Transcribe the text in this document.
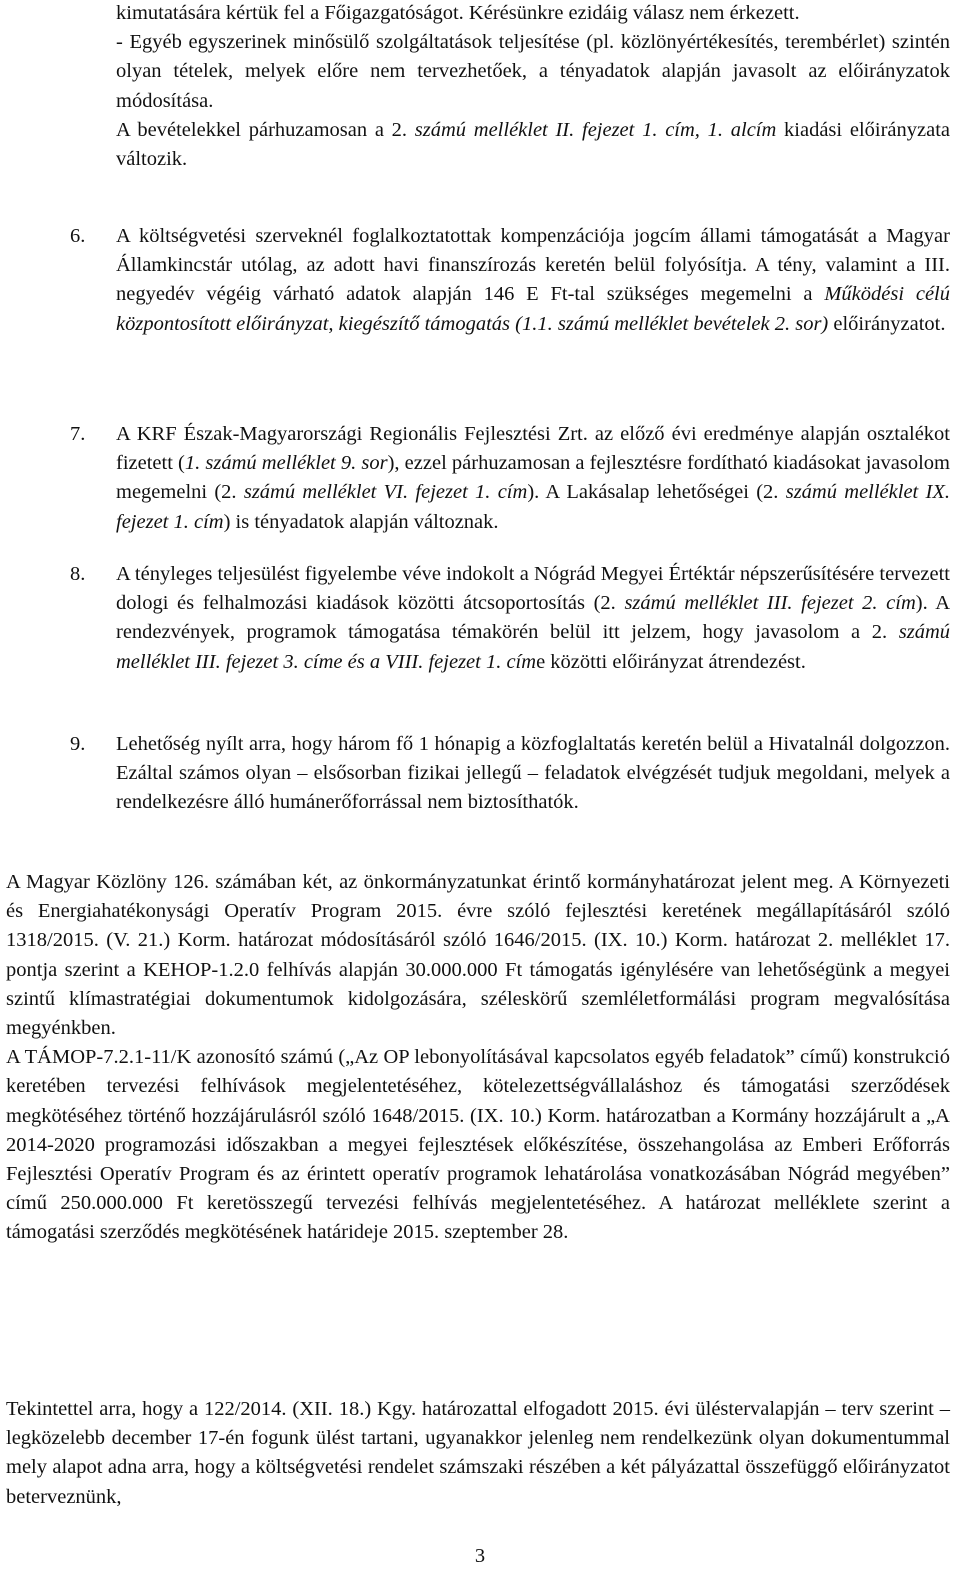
kimutatására kértük fel a Főigazgatóságot. Kérésünkre ezidáig válasz nem érkezett.

- Egyéb egyszerinek minősülő szolgáltatások teljesítése (pl. közlönyértékesítés, terembérlet) szintén olyan tételek, melyek előre nem tervezhetőek, a tényadatok alapján javasolt az előirányzatok módosítása.

A bevételekkel párhuzamosan a 2. számú melléklet II. fejezet 1. cím, 1. alcím kiadási előirányzata változik.

6. A költségvetési szerveknél foglalkoztatottak kompenzációja jogcím állami támogatását a Magyar Államkincstár utólag, az adott havi finanszírozás keretén belül folyósítja. A tény, valamint a III. negyedév végéig várható adatok alapján 146 E Ft-tal szükséges megemelni a Működési célú központosított előirányzat, kiegészítő támogatás (1.1. számú melléklet bevételek 2. sor) előirányzatot.

7. A KRF Észak-Magyarországi Regionális Fejlesztési Zrt. az előző évi eredménye alapján osztalékot fizetett (1. számú melléklet 9. sor), ezzel párhuzamosan a fejlesztésre fordítható kiadásokat javasolom megemelni (2. számú melléklet VI. fejezet 1. cím). A Lakásalap lehetőségei (2. számú melléklet IX. fejezet 1. cím) is tényadatok alapján változnak.

8. A tényleges teljesülést figyelembe véve indokolt a Nógrád Megyei Értéktár népszerűsítésére tervezett dologi és felhalmozási kiadások közötti átcsoportosítás (2. számú melléklet III. fejezet 2. cím). A rendezvények, programok támogatása témakörén belül itt jelzem, hogy javasolom a 2. számú melléklet III. fejezet 3. címe és a VIII. fejezet 1. címe közötti előirányzat átrendezést.

9. Lehetőség nyílt arra, hogy három fő 1 hónapig a közfoglaltatás keretén belül a Hivatalnál dolgozzon. Ezáltal számos olyan – elsősorban fizikai jellegű – feladatok elvégzését tudjuk megoldani, melyek a rendelkezésre álló humánerőforrással nem biztosíthatók.

A Magyar Közlöny 126. számában két, az önkormányzatunkat érintő kormányhatározat jelent meg. A Környezeti és Energiahatékonysági Operatív Program 2015. évre szóló fejlesztési keretének megállapításáról szóló 1318/2015. (V. 21.) Korm. határozat módosításáról szóló 1646/2015. (IX. 10.) Korm. határozat 2. melléklet 17. pontja szerint a KEHOP-1.2.0 felhívás alapján 30.000.000 Ft támogatás igénylésére van lehetőségünk a megyei szintű klímastratégiai dokumentumok kidolgozására, széleskörű szemléletformálási program megvalósítása megyénkben.

A TÁMOP-7.2.1-11/K azonosító számú („Az OP lebonyolításával kapcsolatos egyéb feladatok” című) konstrukció keretében tervezési felhívások megjelentetéséhez, kötelezettségvállaláshoz és támogatási szerződések megkötéséhez történő hozzájárulásról szóló 1648/2015. (IX. 10.) Korm. határozatban a Kormány hozzájárult a „A 2014-2020 programozási időszakban a megyei fejlesztések előkészítése, összehangolása az Emberi Erőforrás Fejlesztési Operatív Program és az érintett operatív programok lehatárolása vonatkozásában Nógrád megyében” című 250.000.000 Ft keretösszegű tervezési felhívás megjelentetéséhez. A határozat melléklete szerint a támogatási szerződés megkötésének határideje 2015. szeptember 28.

Tekintettel arra, hogy a 122/2014. (XII. 18.) Kgy. határozattal elfogadott 2015. évi üléstervalapján – terv szerint – legközelebb december 17-én fogunk ülést tartani, ugyanakkor jelenleg nem rendelkezünk olyan dokumentummal mely alapot adna arra, hogy a költségvetési rendelet számszaki részében a két pályázattal összefüggő előirányzatot beterveznünk,

3
